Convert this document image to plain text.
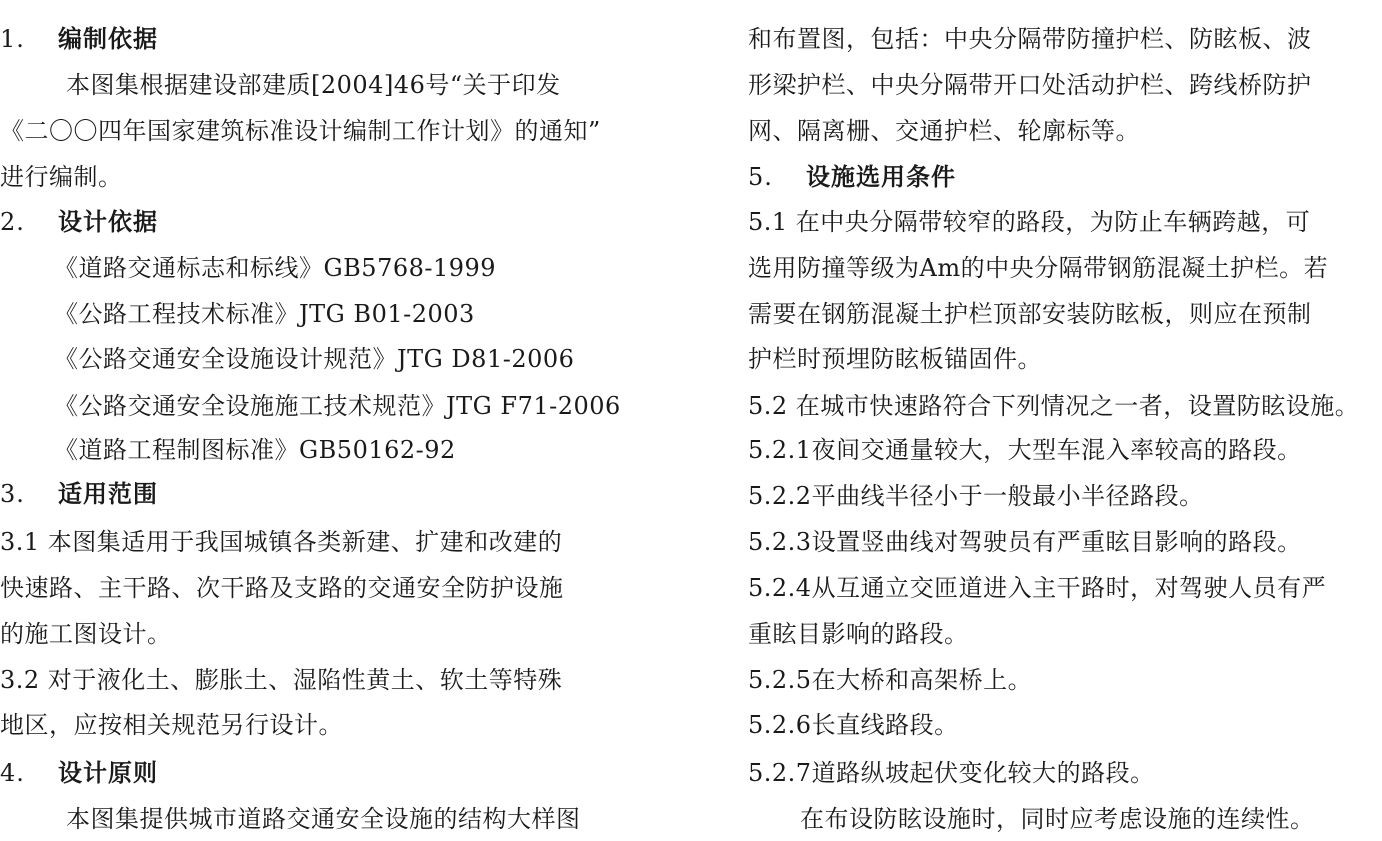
1. 编制依据
本图集根据建设部建质[2004]46号“关于印发
《二〇〇四年国家建筑标准设计编制工作计划》的通知”
进行编制。
2. 设计依据
《道路交通标志和标线》GB5768-1999
《公路工程技术标准》JTG B01-2003
《公路交通安全设施设计规范》JTG D81-2006
《公路交通安全设施施工技术规范》JTG F71-2006
《道路工程制图标准》GB50162-92
3. 适用范围
3.1 本图集适用于我国城镇各类新建、扩建和改建的
快速路、主干路、次干路及支路的交通安全防护设施
的施工图设计。
3.2 对于液化土、膨胀土、湿陷性黄土、软土等特殊
地区，应按相关规范另行设计。
4. 设计原则
本图集提供城市道路交通安全设施的结构大样图
和布置图，包括：中央分隔带防撞护栏、防眩板、波
形梁护栏、中央分隔带开口处活动护栏、跨线桥防护
网、隔离栅、交通护栏、轮廓标等。
5. 设施选用条件
5.1 在中央分隔带较窄的路段，为防止车辆跨越，可
选用防撞等级为Am的中央分隔带钢筋混凝土护栏。若
需要在钢筋混凝土护栏顶部安装防眩板，则应在预制
护栏时预埋防眩板锚固件。
5.2 在城市快速路符合下列情况之一者，设置防眩设施。
5.2.1夜间交通量较大，大型车混入率较高的路段。
5.2.2平曲线半径小于一般最小半径路段。
5.2.3设置竖曲线对驾驶员有严重眩目影响的路段。
5.2.4从互通立交匝道进入主干路时，对驾驶人员有严
重眩目影响的路段。
5.2.5在大桥和高架桥上。
5.2.6长直线路段。
5.2.7道路纵坡起伏变化较大的路段。
在布设防眩设施时，同时应考虑设施的连续性。
